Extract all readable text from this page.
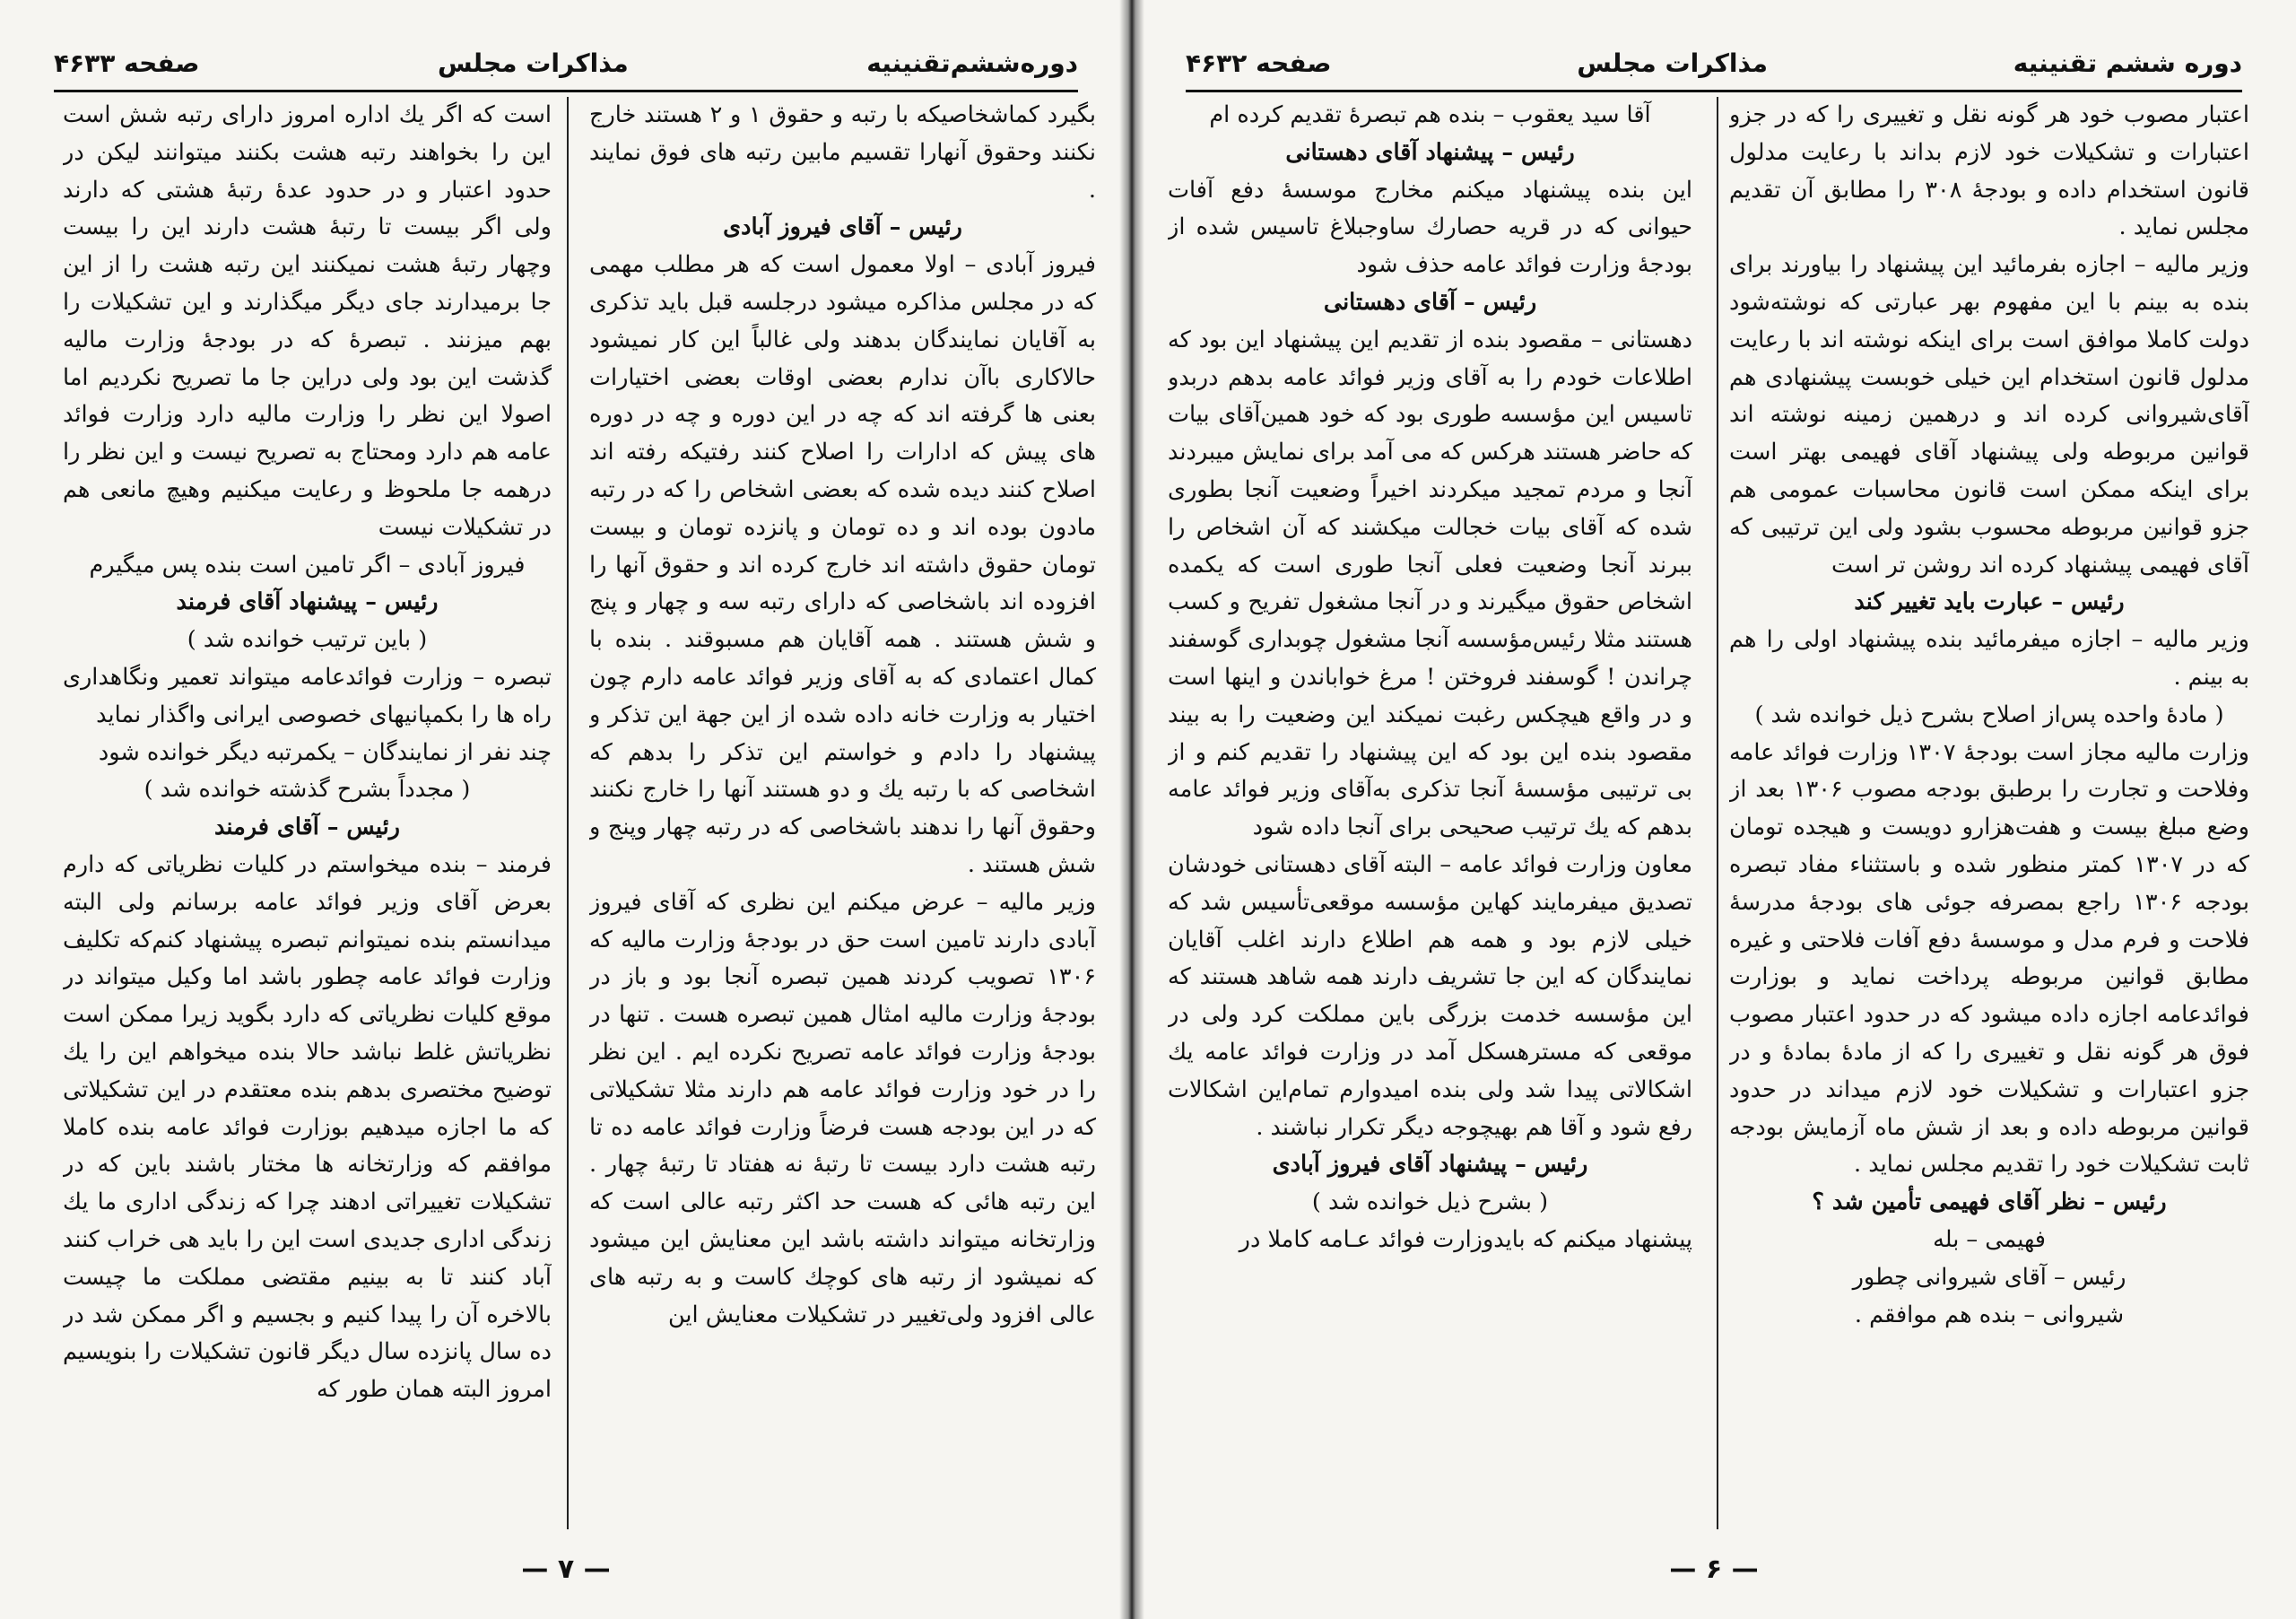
دوره‌ششم‌تقنینیه
مذاکرات مجلس
صفحه ۴۶۳۳

بگیرد کماشخاصیکه با رتبه و حقوق ۱ و ۲ هستند خارج نکنند وحقوق آنهارا تقسیم مابین رتبه های فوق نمایند .

رئیس – آقای فیروز آبادی

فیروز آبادی – اولا معمول است که هر مطلب مهمی که در مجلس مذاکره میشود درجلسه قبل باید تذکری به آقایان نمایندگان بدهند ولی غالباً این کار نمیشود حالاکاری باآن ندارم بعضی اوقات بعضی اختیارات بعنی ها گرفته اند که چه در این دوره و چه در دوره های پیش که ادارات را اصلاح کنند رفتیکه رفته اند اصلاح کنند دیده شده که بعضی اشخاص را که در رتبه مادون بوده اند و ده تومان و پانزده تومان و بیست تومان حقوق داشته اند خارج کرده اند و حقوق آنها را افزوده اند باشخاصی که دارای رتبه سه و چهار و پنج و شش هستند . همه آقایان هم مسبوقند . بنده با کمال اعتمادی که به آقای وزیر فوائد عامه دارم چون اختیار به وزارت خانه داده شده از این جهة این تذکر و پیشنهاد را دادم و خواستم این تذکر را بدهم که اشخاصی که با رتبه یك و دو هستند آنها را خارج نکنند وحقوق آنها را ندهند باشخاصی که در رتبه چهار وپنج و شش هستند .

وزیر مالیه – عرض میکنم این نظری که آقای فیروز آبادی دارند تامین است حق در بودجهٔ وزارت مالیه که ۱۳۰۶ تصویب کردند همین تبصره آنجا بود و باز در بودجهٔ وزارت مالیه امثال همین تبصره هست . تنها در بودجهٔ وزارت فوائد عامه تصریح نکرده ایم . این نظر را در خود وزارت فوائد عامه هم دارند مثلا تشکیلاتی که در این بودجه هست فرضاً وزارت فوائد عامه ده تا رتبه هشت دارد بیست تا رتبهٔ نه هفتاد تا رتبهٔ چهار . این رتبه هائی که هست حد اکثر رتبه عالی است که وزارتخانه میتواند داشته باشد این معنایش این میشود که نمیشود از رتبه های کوچك کاست و به رتبه های عالی افزود ولی‌تغییر در تشکیلات معنایش این

است که اگر یك اداره امروز دارای رتبه شش است این را بخواهند رتبه هشت بکنند میتوانند لیکن در حدود اعتبار و در حدود عدهٔ رتبهٔ هشتی که دارند ولی اگر بیست تا رتبهٔ هشت دارند این را بیست وچهار رتبهٔ هشت نمیکنند این رتبه هشت را از این جا برمیدارند جای دیگر میگذارند و این تشکیلات را بهم میزنند . تبصرهٔ که در بودجهٔ وزارت مالیه گذشت این بود ولی دراین جا ما تصریح نکردیم اما اصولا این نظر را وزارت مالیه دارد وزارت فوائد عامه هم دارد ومحتاج به تصریح نیست و این نظر را درهمه جا ملحوظ و رعایت میکنیم وهیچ مانعی هم در تشکیلات نیست

فیروز آبادی – اگر تامین است بنده پس میگیرم

رئیس – پیشنهاد آقای فرمند

( باین ترتیب خوانده شد )

تبصره – وزارت فوائدعامه میتواند تعمیر ونگاهداری راه ها را بکمپانیهای خصوصی ایرانی واگذار نماید

چند نفر از نمایندگان – یکمرتبه دیگر خوانده شود

( مجدداً بشرح گذشته خوانده شد )

رئیس – آقای فرمند

فرمند – بنده میخواستم در کلیات نظریاتی که دارم بعرض آقای وزیر فوائد عامه برسانم ولی البته میدانستم بنده نمیتوانم تبصره پیشنهاد کنم‌که تکلیف وزارت فوائد عامه چطور باشد اما وکیل میتواند در موقع کلیات نظریاتی که دارد بگوید زیرا ممکن است نظریاتش غلط نباشد حالا بنده میخواهم این را یك توضیح مختصری بدهم بنده معتقدم در این تشکیلاتی که ما اجازه میدهیم بوزارت فوائد عامه بنده کاملا موافقم که وزارتخانه ها مختار باشند باین که در تشکیلات تغییراتی ادهند چرا که زندگی اداری ما یك زندگی اداری جدیدی است این را باید هی خراب کنند آباد کنند تا به بینیم مقتضی مملکت ما چیست بالاخره آن را پیدا کنیم و بجسیم و اگر ممکن شد در ده سال پانزده سال دیگر قانون تشکیلات را بنویسیم امروز البته همان طور که

— ۷ —
دوره ششم تقنینیه
مذاکرات مجلس
صفحه ۴۶۳۲

اعتبار مصوب خود هر گونه نقل و تغییری را که در جزو اعتبارات و تشکیلات خود لازم بداند با رعایت مدلول قانون استخدام داده و بودجهٔ ۳۰۸ را مطابق آن تقدیم مجلس نماید .

وزیر مالیه – اجازه بفرمائید این پیشنهاد را بیاورند برای بنده به بینم با این مفهوم بهر عبارتی که نوشته‌شود دولت کاملا موافق است برای اینکه نوشته اند با رعایت مدلول قانون استخدام این خیلی خوبست پیشنهادی هم آقای‌شیروانی کرده اند و درهمین زمینه نوشته اند قوانین مربوطه ولی پیشنهاد آقای فهیمی بهتر است برای اینکه ممکن است قانون محاسبات عمومی هم جزو قوانین مربوطه محسوب بشود ولی این ترتیبی که آقای فهیمی پیشنهاد کرده اند روشن تر است

رئیس – عبارت باید تغییر کند

وزیر مالیه – اجازه میفرمائید بنده پیشنهاد اولی را هم به بینم .

( مادهٔ واحده پس‌از اصلاح بشرح ذیل خوانده شد )

وزارت مالیه مجاز است بودجهٔ ۱۳۰۷ وزارت فوائد عامه وفلاحت و تجارت را برطبق بودجه مصوب ۱۳۰۶ بعد از وضع مبلغ بیست و هفت‌هزارو دویست و هیجده تومان که در ۱۳۰۷ کمتر منظور شده و باستثناء مفاد تبصره بودجه ۱۳۰۶ راجع بمصرفه جوئی های بودجهٔ مدرسهٔ فلاحت و فرم مدل و موسسهٔ دفع آفات فلاحتی و غیره مطابق قوانین مربوطه پرداخت نماید و بوزارت فوائدعامه اجازه داده میشود که در حدود اعتبار مصوب فوق هر گونه نقل و تغییری را که از مادهٔ بمادهٔ و در جزو اعتبارات و تشکیلات خود لازم میداند در حدود قوانین مربوطه داده و بعد از شش ماه آزمایش بودجه ثابت تشکیلات خود را تقدیم مجلس نماید .

رئیس – نظر آقای فهیمی تأمین شد ؟

فهیمی – بله

رئیس – آقای شیروانی چطور

شیروانی – بنده هم موافقم .

آقا سید یعقوب – بنده هم تبصرهٔ تقدیم کرده ام

رئیس – پیشنهاد آقای دهستانی

این بنده پیشنهاد میکنم مخارج موسسهٔ دفع آفات حیوانی که در قریه حصارك ساوجبلاغ تاسیس شده از بودجهٔ وزارت فوائد عامه حذف شود

رئیس – آقای دهستانی

دهستانی – مقصود بنده از تقدیم این پیشنهاد این بود که اطلاعات خودم را به آقای وزیر فوائد عامه بدهم دربدو تاسیس این مؤسسه طوری بود که خود همین‌آقای بیات که حاضر هستند هرکس که می آمد برای نمایش میبردند آنجا و مردم تمجید میکردند اخیراً وضعیت آنجا بطوری شده که آقای بیات خجالت میکشند که آن اشخاص را ببرند آنجا وضعیت فعلی آنجا طوری است که یکمده اشخاص حقوق میگیرند و در آنجا مشغول تفریح و کسب هستند مثلا رئیس‌مؤسسه آنجا مشغول چوبداری گوسفند چراندن ! گوسفند فروختن ! مرغ خواباندن و اینها است و در واقع هیچکس رغبت نمیکند این وضعیت را به بیند مقصود بنده این بود که این پیشنهاد را تقدیم کنم و از بی ترتیبی مؤسسهٔ آنجا تذکری به‌آقای وزیر فوائد عامه بدهم که یك ترتیب صحیحی برای آنجا داده شود

معاون وزارت فوائد عامه – البته آقای دهستانی خودشان تصدیق میفرمایند کهاین مؤسسه موقعی‌تأسیس شد که خیلی لازم بود و همه هم اطلاع دارند اغلب آقایان نمایندگان که این جا تشریف دارند همه شاهد هستند که این مؤسسه خدمت بزرگی باین مملکت کرد ولی در موقعی که مسترهسکل آمد در وزارت فوائد عامه یك اشکالاتی پیدا شد ولی بنده امیدوارم تمام‌این اشکالات رفع شود و آقا هم بهیچوجه دیگر تکرار نباشند .

رئیس – پیشنهاد آقای فیروز آبادی

( بشرح ذیل خوانده شد )

پیشنهاد میکنم که بایدوزارت فوائد عـامه کاملا در

— ۶ —
